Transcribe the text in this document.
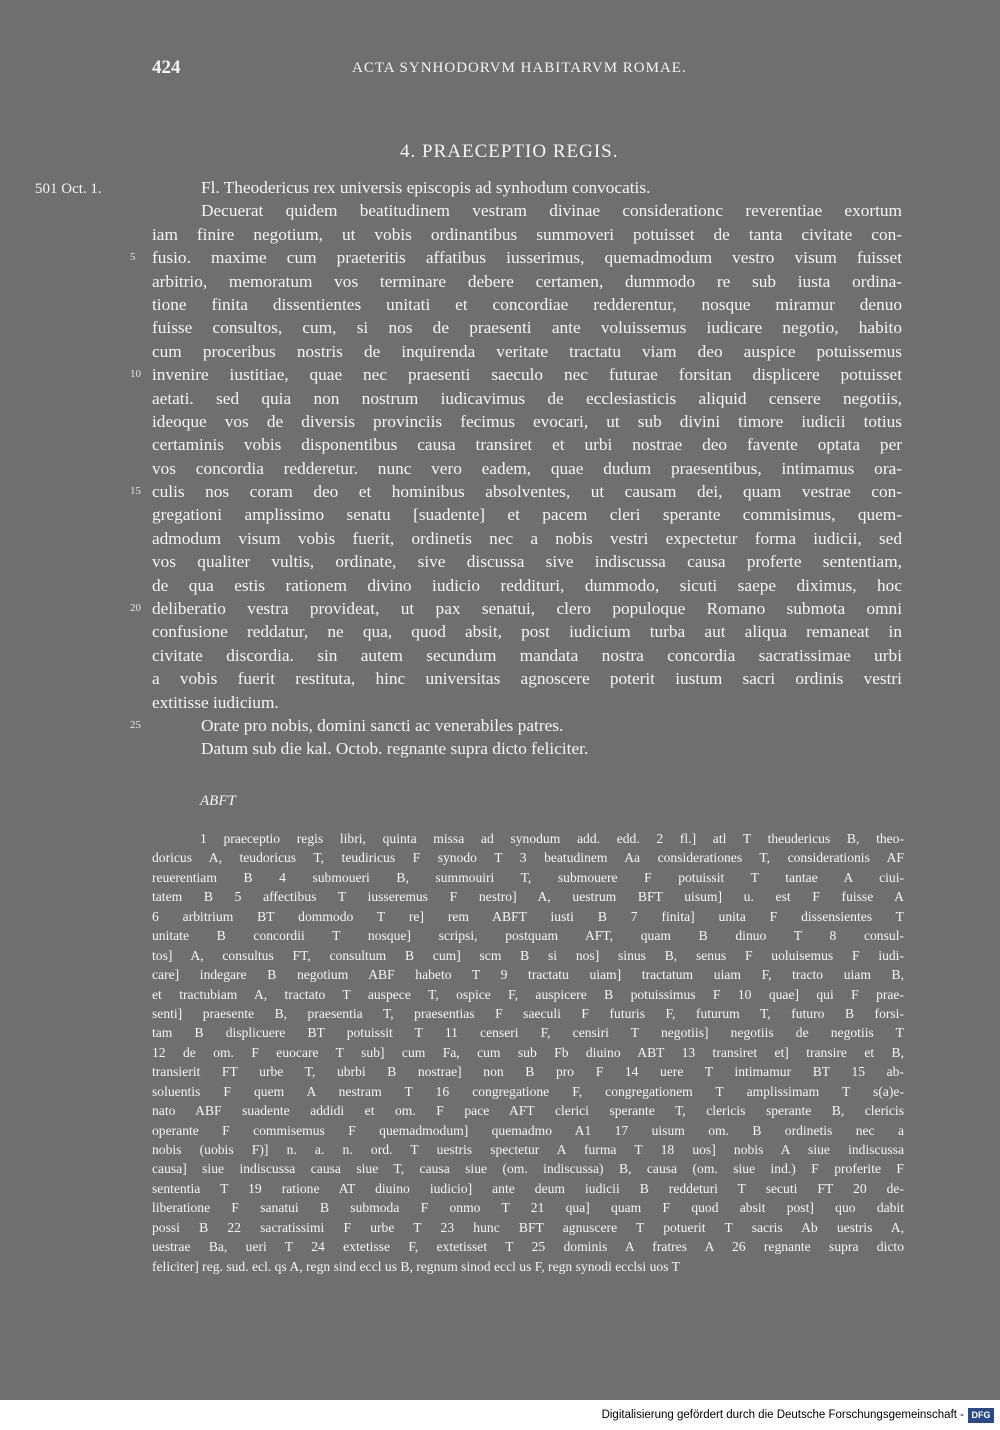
424	ACTA SYNHODORVM HABITARVM ROMAE.
4. PRAECEPTIO REGIS.
501 Oct. 1.	Fl. Theodericus rex universis episcopis ad synhodum convocatis.
Decuerat quidem beatitudinem vestram divinae considerationc reverentiae exortum
iam finire negotium, ut vobis ordinantibus summoveri potuisset de tanta civitate con-
fusio. maxime cum praeteritis affatibus iusserimus, quemadmodum vestro visum fuisset
5
arbitrio, memoratum vos terminare debere certamen, dummodo re sub iusta ordina-
tione finita dissentientes unitati et concordiae redderentur, nosque miramur denuo
fuisse consultos, cum, si nos de praesenti ante voluissemus iudicare negotio, habito
cum proceribus nostris de inquirenda veritate tractatu viam deo auspice potuissemus
invenire iustitiae, quae nec praesenti saeculo nec futurae forsitan displicere potuisset
10
aetati. sed quia non nostrum iudicavimus de ecclesiasticis aliquid censere negotiis,
ideoque vos de diversis provinciis fecimus evocari, ut sub divini timore iudicii totius
certaminis vobis disponentibus causa transiret et urbi nostrae deo favente optata per
vos concordia redderetur. nunc vero eadem, quae dudum praesentibus, intimamus ora-
culis nos coram deo et hominibus absolventes, ut causam dei, quam vestrae con-
15
gregationi amplissimo senatu [suadente] et pacem cleri sperante commisimus, quem-
admodum visum vobis fuerit, ordinetis nec a nobis vestri expectetur forma iudicii, sed
vos qualiter vultis, ordinate, sive discussa sive indiscussa causa proferte sententiam,
de qua estis rationem divino iudicio reddituri, dummodo, sicuti saepe diximus, hoc
deliberatio vestra provideat, ut pax senatui, clero populoque Romano submota omni
20
confusione reddatur, ne qua, quod absit, post iudicium turba aut aliqua remaneat in
civitate discordia. sin autem secundum mandata nostra concordia sacratissimae urbi
a vobis fuerit restituta, hinc universitas agnoscere poterit iustum sacri ordinis vestri
extitisse iudicium.
Orate pro nobis, domini sancti ac venerabiles patres.
25
Datum sub die kal. Octob. regnante supra dicto feliciter.
ABFT
1 praeceptio regis libri, quinta missa ad synodum add. edd. 2 fl.] atl T theudericus B, theo-
doricus A, teudoricus T, teudiricus F synodo T 3 beatudinem Aa considerationes T, considerationis AF
reuerentiam B 4 submoueri B, summouiri T, submouere F potuissit T tantae A ciui-
tatem B 5 affectibus T iusseremus F nestro] A, uestrum BFT uisum] u. est F fuisse A
6 arbitrium BT dommodo T re] rem ABFT iusti B 7 finita] unita F dissensientes T
unitate B concordii T nosque] scripsi, postquam AFT, quam B dinuo T 8 consul-
tos] A, consultus FT, consultum B cum] scm B si nos] sinus B, senus F uoluisemus F iudi-
care] indegare B negotium ABF habeto T 9 tractatu uiam] tractatum uiam F, tracto uiam B,
et tractubiam A, tractato T auspece T, ospice F, auspicere B potuissimus F 10 quae] qui F prae-
senti] praesente B, praesentia T, praesentias F saeculi F futuris F, futurum T, futuro B forsi-
tam B displicuere BT potuissit T 11 censeri F, censiri T negotiis] negotiis de negotiis T
12 de om. F euocare T sub] cum Fa, cum sub Fb diuino ABT 13 transiret et] transire et B,
transierit FT urbe T, ubrbi B nostrae] non B pro F 14 uere T intimamur BT 15 ab-
soluentis F quem A nestram T 16 congregatione F, congregationem T amplissimam T s(a)e-
nato ABF suadente addidi et om. F pace AFT clerici sperante T, clericis sperante B, clericis
operante F commisemus F quemadmodum] quemadmo A1 17 uisum om. B ordinetis nec a
nobis (uobis F)] n. a. n. ord. T uestris spectetur A furma T 18 uos] nobis A siue indiscussa
causa] siue indiscussa causa siue T, causa siue (om. indiscussa) B, causa (om. siue ind.) F proferite F
sententia T 19 ratione AT diuino iudicio] ante deum iudicii B reddeturi T secuti FT 20 de-
liberatione F sanatui B submoda F onmo T 21 qua] quam F quod absit post] quo dabit
possi B 22 sacratissimi F urbe T 23 hunc BFT agnuscere T potuerit T sacris Ab uestris A,
uestrae Ba, ueri T 24 extetisse F, extetisset T 25 dominis A fratres A 26 regnante supra dicto
feliciter] reg. sud. ecl. qs A, regn sind eccl us B, regnum sinod eccl us F, regn synodi ecclsi uos T
Digitalisierung gefördert durch die Deutsche Forschungsgemeinschaft - DFG
